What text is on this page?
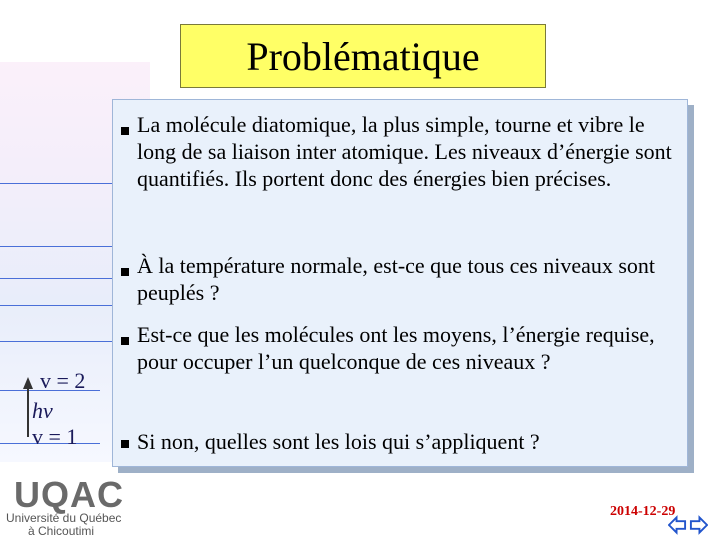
Problématique
v = 2
hν
v = 1

La molécule diatomique, la plus simple, tourne et vibre le long de sa liaison inter atomique. Les niveaux d’énergie sont quantifiés. Ils portent donc des énergies bien précises.

À la température normale, est-ce que tous ces niveaux sont peuplés ?

Est-ce que les molécules ont les moyens, l’énergie requise, pour occuper l’un quelconque de ces niveaux ?

Si non, quelles sont les lois qui s’appliquent ?

UQAC
Université du Québec
à Chicoutimi
2014-12-29
